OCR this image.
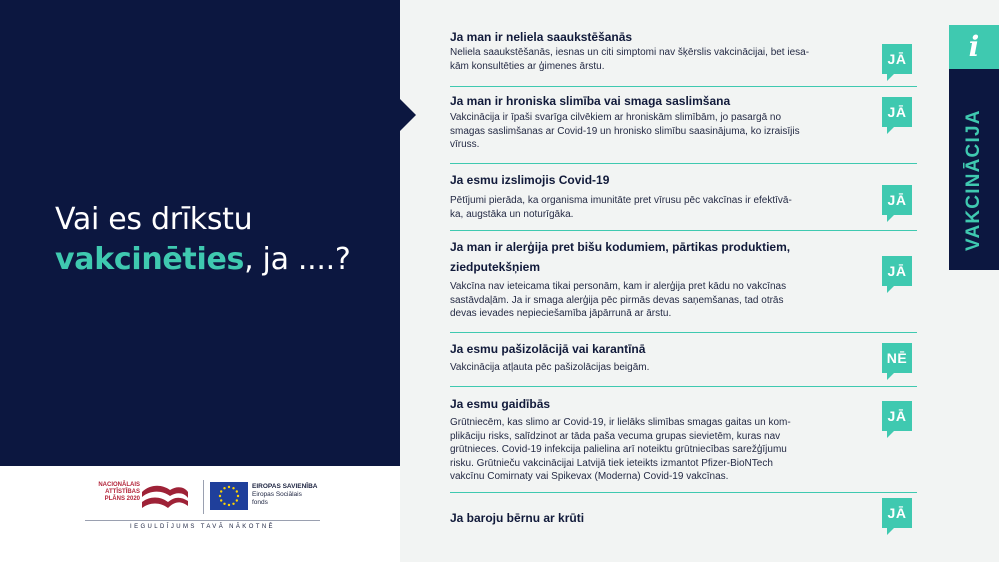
Vai es drīkstu
vakcinēties, ja ....?
NACIONĀLAIS ATTĪSTĪBAS PLĀNS 2020
EIROPAS SAVIENĪBA
Eiropas Sociālais fonds
IEGULDĪJUMS TAVĀ NĀKOTNĒ
Ja man ir neliela saaukstēšanās
Neliela saaukstēšanās, iesnas un citi simptomi nav šķērslis vakcinācijai, bet iesa-
kām konsultēties ar ģimenes ārstu.
Ja man ir hroniska slimība vai smaga saslimšana
Vakcinācija ir īpaši svarīga cilvēkiem ar hroniskām slimībām, jo pasargā no
smagas saslimšanas ar Covid-19 un hronisko slimību saasinājuma, ko izraisījis
vīruss.
Ja esmu izslimojis Covid-19
Pētījumi pierāda, ka organisma imunitāte pret vīrusu pēc vakcīnas ir efektīvā-
ka, augstāka un noturīgāka.
Ja man ir alerģija pret bišu kodumiem, pārtikas produktiem,
ziedputekšņiem
Vakcīna nav ieteicama tikai personām, kam ir alerģija pret kādu no vakcīnas
sastāvdaļām. Ja ir smaga alerģija pēc pirmās devas saņemšanas, tad otrās
devas ievades nepieciešamība jāpārrunā ar ārstu.
Ja esmu pašizolācijā vai karantīnā
Vakcinācija atļauta pēc pašizolācijas beigām.
Ja esmu gaidībās
Grūtniecēm, kas slimo ar Covid-19, ir lielāks slimības smagas gaitas un kom-
plikāciju risks, salīdzinot ar tāda paša vecuma grupas sievietēm, kuras nav
grūtnieces. Covid-19 infekcija palielina arī noteiktu grūtniecības sarežģījumu
risku. Grūtnieču vakcinācijai Latvijā tiek ieteikts izmantot Pfizer-BioNTech
vakcīnu Comirnaty vai Spikevax (Moderna) Covid-19 vakcīnas.
Ja baroju bērnu ar krūti
JĀ
JĀ
JĀ
JĀ
NĒ
JĀ
JĀ
i
VAKCINĀCIJA
